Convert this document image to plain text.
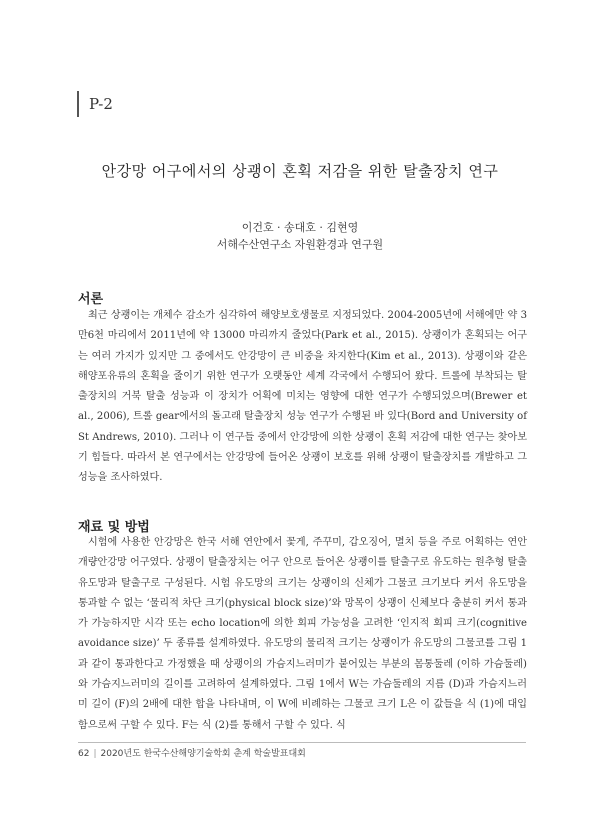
P-2
안강망 어구에서의 상괭이 혼획 저감을 위한 탈출장치 연구
이건호 · 송대호 · 김현영
서해수산연구소 자원환경과 연구원
서론

최근 상괭이는 개체수 감소가 심각하여 해양보호생물로 지정되었다. 2004-2005년에 서해에만 약 3만6천 마리에서 2011년에 약 13000 마리까지 줄었다(Park et al., 2015). 상괭이가 혼획되는 어구는 여러 가지가 있지만 그 중에서도 안강망이 큰 비중을 차지한다(Kim et al., 2013). 상괭이와 같은 해양포유류의 혼획을 줄이기 위한 연구가 오랫동안 세계 각국에서 수행되어 왔다. 트롤에 부착되는 탈출장치의 거북 탈출 성능과 이 장치가 어획에 미치는 영향에 대한 연구가 수행되었으며(Brewer et al., 2006), 트롤 gear에서의 돌고래 탈출장치 성능 연구가 수행된 바 있다(Bord and University of St Andrews, 2010). 그러나 이 연구들 중에서 안강망에 의한 상괭이 혼획 저감에 대한 연구는 찾아보기 힘들다. 따라서 본 연구에서는 안강망에 들어온 상괭이 보호를 위해 상괭이 탈출장치를 개발하고 그 성능을 조사하였다.

재료 및 방법

시험에 사용한 안강망은 한국 서해 연안에서 꽃게, 주꾸미, 갑오징어, 멸치 등을 주로 어획하는 연안개량안강망 어구였다. 상괭이 탈출장치는 어구 안으로 들어온 상괭이를 탈출구로 유도하는 원추형 탈출유도망과 탈출구로 구성된다. 시험 유도망의 크기는 상괭이의 신체가 그물코 크기보다 커서 유도망을 통과할 수 없는 ‘물리적 차단 크기(physical block size)’와 망목이 상괭이 신체보다 충분히 커서 통과가 가능하지만 시각 또는 echo location에 의한 회피 가능성을 고려한 ‘인지적 회피 크기(cognitive avoidance size)’ 두 종류를 설계하였다. 유도망의 물리적 크기는 상괭이가 유도망의 그물코를 그림 1과 같이 통과한다고 가정했을 때 상괭이의 가슴지느러미가 붙어있는 부분의 몸통둘레 (이하 가슴둘레)와 가슴지느러미의 길이를 고려하여 설계하였다. 그림 1에서 W는 가슴둘레의 지름 (D)과 가슴지느러미 길이 (F)의 2배에 대한 합을 나타내며, 이 W에 비례하는 그물코 크기 L은 이 값들을 식 (1)에 대입함으로써 구할 수 있다. F는 식 (2)를 통해서 구할 수 있다. 식

62 | 2020년도 한국수산해양기술학회 춘계 학술발표대회
